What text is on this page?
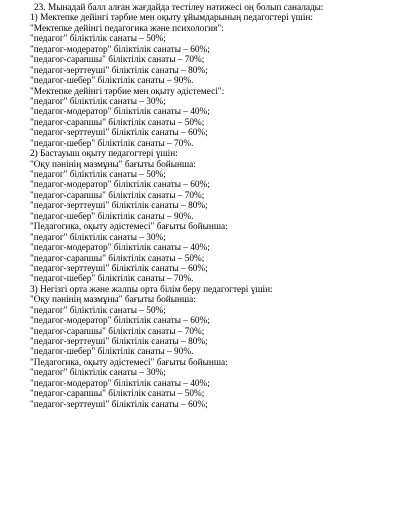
23. Мынадай балл алған жағдайда тестілеу нәтижесі оң болып саналады:
1) Мектепке дейінгі тәрбие мен оқыту ұйымдарының педагогтері үшін:
"Мектепке дейінгі педагогика және психология":
"педагог" біліктілік санаты – 50%;
"педагог-модератор" біліктілік санаты – 60%;
"педагог-сарапшы" біліктілік санаты – 70%;
"педагог-зерттеуші" біліктілік санаты – 80%;
"педагог-шебер" біліктілік санаты – 90%.
"Мектепке дейінгі тәрбие мен оқыту әдістемесі":
"педагог" біліктілік санаты – 30%;
"педагог-модератор" біліктілік санаты – 40%;
"педагог-сарапшы" біліктілік санаты – 50%;
"педагог-зерттеуші" біліктілік санаты – 60%;
"педагог-шебер" біліктілік санаты – 70%.
2) Бастауыш оқыту педагогтері үшін:
"Оқу пәнінің мазмұны" бағыты бойынша:
"педагог" біліктілік санаты – 50%;
"педагог-модератор" біліктілік санаты – 60%;
"педагог-сарапшы" біліктілік санаты – 70%;
"педагог-зерттеуші" біліктілік санаты – 80%;
"педагог-шебер" біліктілік санаты – 90%.
"Педагогика, оқыту әдістемесі" бағыты бойынша:
"педагог" біліктілік санаты – 30%;
"педагог-модератор" біліктілік санаты – 40%;
"педагог-сарапшы" біліктілік санаты – 50%;
"педагог-зерттеуші" біліктілік санаты – 60%;
"педагог-шебер" біліктілік санаты – 70%.
3) Негізгі орта және жалпы орта білім беру педагогтері үшін:
"Оқу пәнінің мазмұны" бағыты бойынша:
"педагог" біліктілік санаты – 50%;
"педагог-модератор" біліктілік санаты – 60%;
"педагог-сарапшы" біліктілік санаты – 70%;
"педагог-зерттеуші" біліктілік санаты – 80%;
"педагог-шебер" біліктілік санаты – 90%.
"Педагогика, оқыту әдістемесі" бағыты бойынша:
"педагог" біліктілік санаты – 30%;
"педагог-модератор" біліктілік санаты – 40%;
"педагог-сарапшы" біліктілік санаты – 50%;
"педагог-зерттеуші" біліктілік санаты – 60%;
